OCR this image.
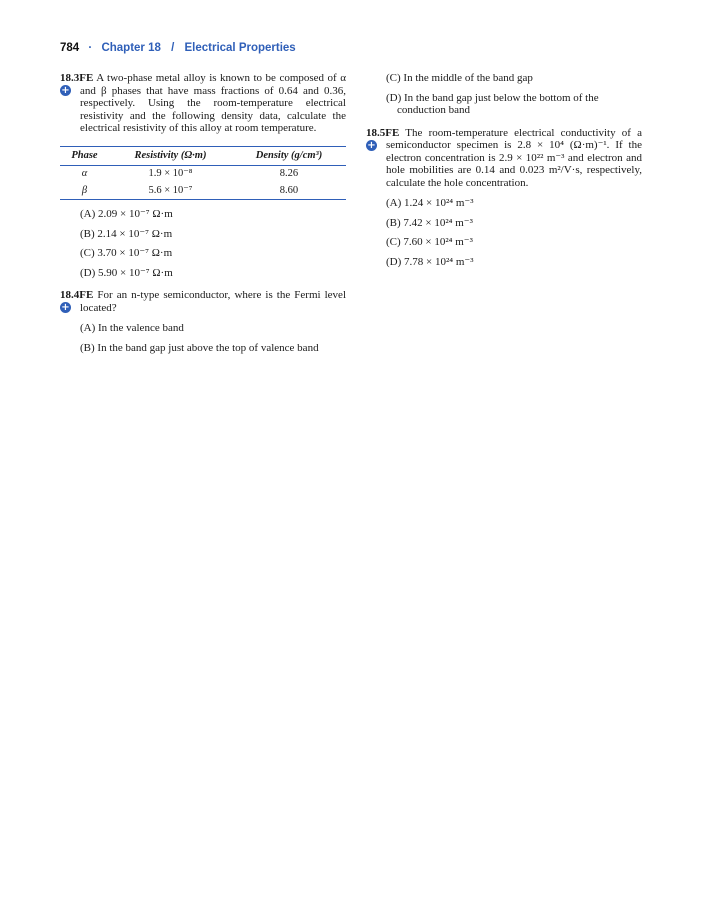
784 · Chapter 18 / Electrical Properties
+
18.3FE A two-phase metal alloy is known to be composed of α and β phases that have mass fractions of 0.64 and 0.36, respectively. Using the room-temperature electrical resistivity and the following density data, calculate the electrical resistivity of this alloy at room temperature.
Phase	Resistivity (Ω·m)	Density (g/cm³)
α	1.9 × 10⁻⁸	8.26
β	5.6 × 10⁻⁷	8.60
(A) 2.09 × 10⁻⁷ Ω·m
(B) 2.14 × 10⁻⁷ Ω·m
(C) 3.70 × 10⁻⁷ Ω·m
(D) 5.90 × 10⁻⁷ Ω·m
+
18.4FE For an n-type semiconductor, where is the Fermi level located?
(A) In the valence band
(B) In the band gap just above the top of valence band
(C) In the middle of the band gap
(D) In the band gap just below the bottom of the conduction band
+
18.5FE The room-temperature electrical conductivity of a semiconductor specimen is 2.8 × 10⁴ (Ω·m)⁻¹. If the electron concentration is 2.9 × 10²² m⁻³ and electron and hole mobilities are 0.14 and 0.023 m²/V·s, respectively, calculate the hole concentration.
(A) 1.24 × 10²⁴ m⁻³
(B) 7.42 × 10²⁴ m⁻³
(C) 7.60 × 10²⁴ m⁻³
(D) 7.78 × 10²⁴ m⁻³
